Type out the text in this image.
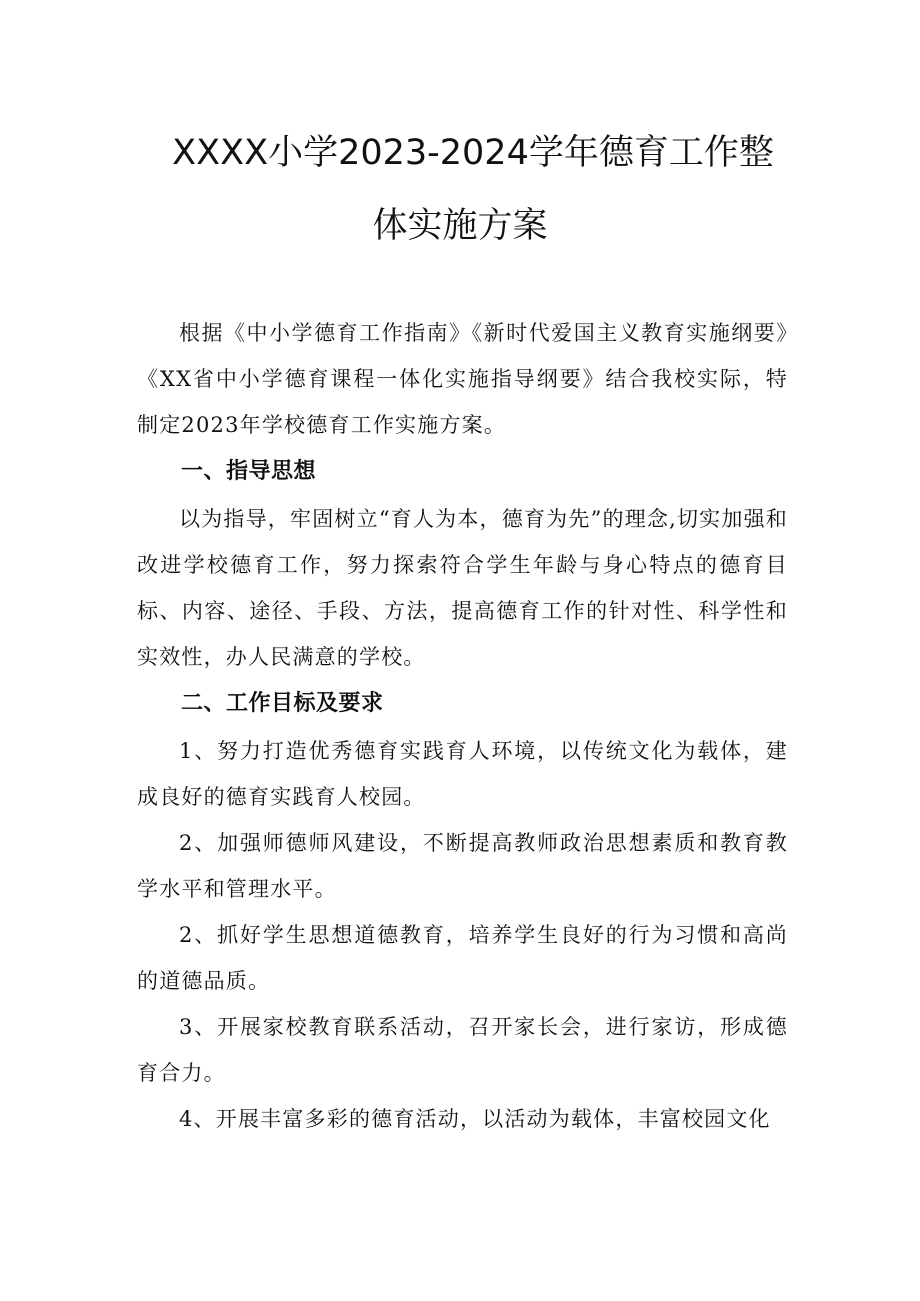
XXXX小学2023-2024学年德育工作整
体实施方案

根据《中小学德育工作指南》《新时代爱国主义教育实施纲要》《XX省中小学德育课程一体化实施指导纲要》结合我校实际，特制定2023年学校德育工作实施方案。

一、指导思想

以为指导，牢固树立“育人为本，德育为先”的理念,切实加强和改进学校德育工作，努力探索符合学生年龄与身心特点的德育目标、内容、途径、手段、方法，提高德育工作的针对性、科学性和实效性，办人民满意的学校。

二、工作目标及要求

1、努力打造优秀德育实践育人环境，以传统文化为载体，建成良好的德育实践育人校园。

2、加强师德师风建设，不断提高教师政治思想素质和教育教学水平和管理水平。

2、抓好学生思想道德教育，培养学生良好的行为习惯和高尚的道德品质。

3、开展家校教育联系活动，召开家长会，进行家访，形成德育合力。

4、开展丰富多彩的德育活动，以活动为载体，丰富校园文化
